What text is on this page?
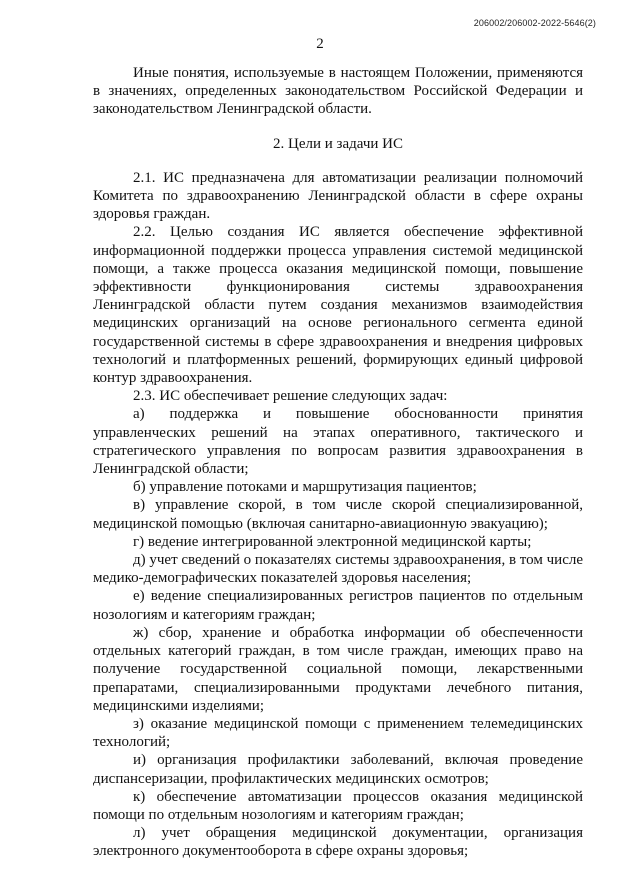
206002/206002-2022-5646(2)
2

Иные понятия, используемые в настоящем Положении, применяются в значениях, определенных законодательством Российской Федерации и законодательством Ленинградской области.

2. Цели и задачи ИС

2.1. ИС предназначена для автоматизации реализации полномочий Комитета по здравоохранению Ленинградской области в сфере охраны здоровья граждан.

2.2. Целью создания ИС является обеспечение эффективной информационной поддержки процесса управления системой медицинской помощи, а также процесса оказания медицинской помощи, повышение эффективности функционирования системы здравоохранения Ленинградской области путем создания механизмов взаимодействия медицинских организаций на основе регионального сегмента единой государственной системы в сфере здравоохранения и внедрения цифровых технологий и платформенных решений, формирующих единый цифровой контур здравоохранения.

2.3. ИС обеспечивает решение следующих задач:

а) поддержка и повышение обоснованности принятия управленческих решений на этапах оперативного, тактического и стратегического управления по вопросам развития здравоохранения в Ленинградской области;

б) управление потоками и маршрутизация пациентов;

в) управление скорой, в том числе скорой специализированной, медицинской помощью (включая санитарно-авиационную эвакуацию);

г) ведение интегрированной электронной медицинской карты;

д) учет сведений о показателях системы здравоохранения, в том числе медико-демографических показателей здоровья населения;

е) ведение специализированных регистров пациентов по отдельным нозологиям и категориям граждан;

ж) сбор, хранение и обработка информации об обеспеченности отдельных категорий граждан, в том числе граждан, имеющих право на получение государственной социальной помощи, лекарственными препаратами, специализированными продуктами лечебного питания, медицинскими изделиями;

з) оказание медицинской помощи с применением телемедицинских технологий;

и) организация профилактики заболеваний, включая проведение диспансеризации, профилактических медицинских осмотров;

к) обеспечение автоматизации процессов оказания медицинской помощи по отдельным нозологиям и категориям граждан;

л) учет обращения медицинской документации, организация электронного документооборота в сфере охраны здоровья;
